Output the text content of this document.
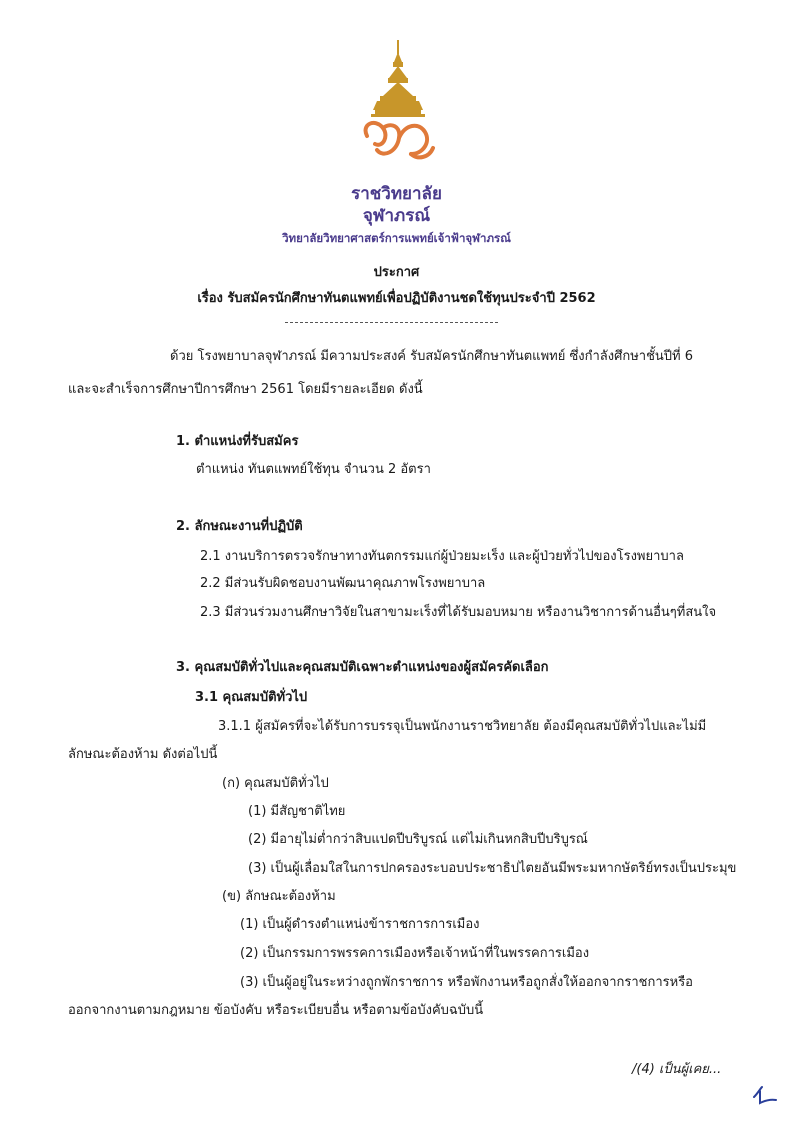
ราชวิทยาลัย
จุฬาภรณ์
วิทยาลัยวิทยาศาสตร์การแพทย์เจ้าฟ้าจุฬาภรณ์
ประกาศ
เรื่อง รับสมัครนักศึกษาทันตแพทย์เพื่อปฏิบัติงานชดใช้ทุนประจำปี 2562
ด้วย โรงพยาบาลจุฬาภรณ์ มีความประสงค์ รับสมัครนักศึกษาทันตแพทย์ ซึ่งกำลังศึกษาชั้นปีที่ 6
และจะสำเร็จการศึกษาปีการศึกษา 2561 โดยมีรายละเอียด ดังนี้
1. ตำแหน่งที่รับสมัคร
ตำแหน่ง ทันตแพทย์ใช้ทุน จำนวน 2 อัตรา
2. ลักษณะงานที่ปฏิบัติ
2.1 งานบริการตรวจรักษาทางทันตกรรมแก่ผู้ป่วยมะเร็ง และผู้ป่วยทั่วไปของโรงพยาบาล
2.2 มีส่วนรับผิดชอบงานพัฒนาคุณภาพโรงพยาบาล
2.3 มีส่วนร่วมงานศึกษาวิจัยในสาขามะเร็งที่ได้รับมอบหมาย หรืองานวิชาการด้านอื่นๆที่สนใจ
3. คุณสมบัติทั่วไปและคุณสมบัติเฉพาะตำแหน่งของผู้สมัครคัดเลือก
3.1 คุณสมบัติทั่วไป
3.1.1 ผู้สมัครที่จะได้รับการบรรจุเป็นพนักงานราชวิทยาลัย ต้องมีคุณสมบัติทั่วไปและไม่มี
ลักษณะต้องห้าม ดังต่อไปนี้
(ก) คุณสมบัติทั่วไป
(1) มีสัญชาติไทย
(2) มีอายุไม่ต่ำกว่าสิบแปดปีบริบูรณ์ แต่ไม่เกินหกสิบปีบริบูรณ์
(3) เป็นผู้เลื่อมใสในการปกครองระบอบประชาธิปไตยอันมีพระมหากษัตริย์ทรงเป็นประมุข
(ข) ลักษณะต้องห้าม
(1) เป็นผู้ดำรงตำแหน่งข้าราชการการเมือง
(2) เป็นกรรมการพรรคการเมืองหรือเจ้าหน้าที่ในพรรคการเมือง
(3) เป็นผู้อยู่ในระหว่างถูกพักราชการ หรือพักงานหรือถูกสั่งให้ออกจากราชการหรือ
ออกจากงานตามกฎหมาย ข้อบังคับ หรือระเบียบอื่น หรือตามข้อบังคับฉบับนี้
/(4) เป็นผู้เคย...
